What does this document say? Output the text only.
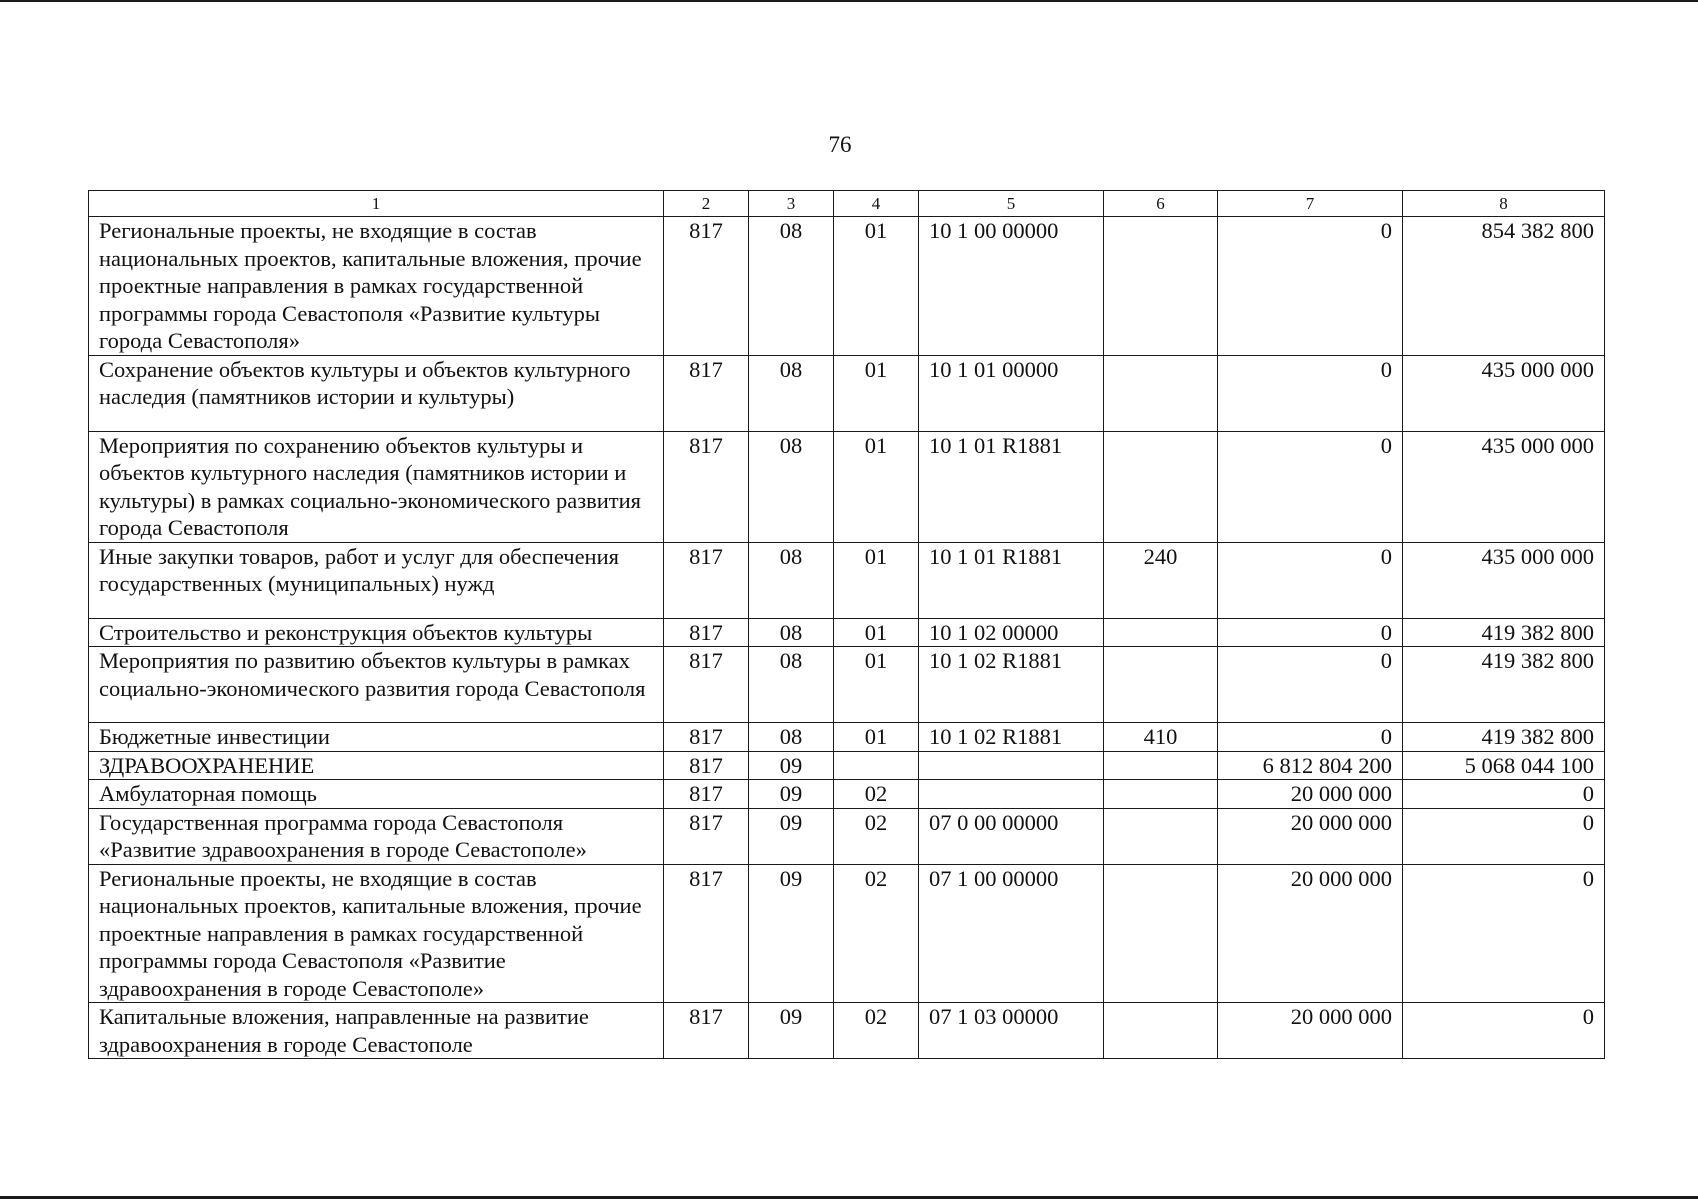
76
1	2	3	4	5	6	7	8
Региональные проекты, не входящие в состав национальных проектов, капитальные вложения, прочие проектные направления в рамках государственной программы города Севастополя «Развитие культуры города Севастополя»	817	08	01	10 1 00 00000		0	854 382 800
Сохранение объектов культуры и объектов культурного наследия (памятников истории и культуры)	817	08	01	10 1 01 00000		0	435 000 000
Мероприятия по сохранению объектов культуры и объектов культурного наследия (памятников истории и культуры) в рамках социально-экономического развития города Севастополя	817	08	01	10 1 01 R1881		0	435 000 000
Иные закупки товаров, работ и услуг для обеспечения государственных (муниципальных) нужд	817	08	01	10 1 01 R1881	240	0	435 000 000
Строительство и реконструкция объектов культуры	817	08	01	10 1 02 00000		0	419 382 800
Мероприятия по развитию объектов культуры в рамках социально-экономического развития города Севастополя	817	08	01	10 1 02 R1881		0	419 382 800
Бюджетные инвестиции	817	08	01	10 1 02 R1881	410	0	419 382 800
ЗДРАВООХРАНЕНИЕ	817	09				6 812 804 200	5 068 044 100
Амбулаторная помощь	817	09	02			20 000 000	0
Государственная программа города Севастополя «Развитие здравоохранения в городе Севастополе»	817	09	02	07 0 00 00000		20 000 000	0
Региональные проекты, не входящие в состав национальных проектов, капитальные вложения, прочие проектные направления в рамках государственной программы города Севастополя «Развитие здравоохранения в городе Севастополе»	817	09	02	07 1 00 00000		20 000 000	0
Капитальные вложения, направленные на развитие здравоохранения в городе Севастополе	817	09	02	07 1 03 00000		20 000 000	0
